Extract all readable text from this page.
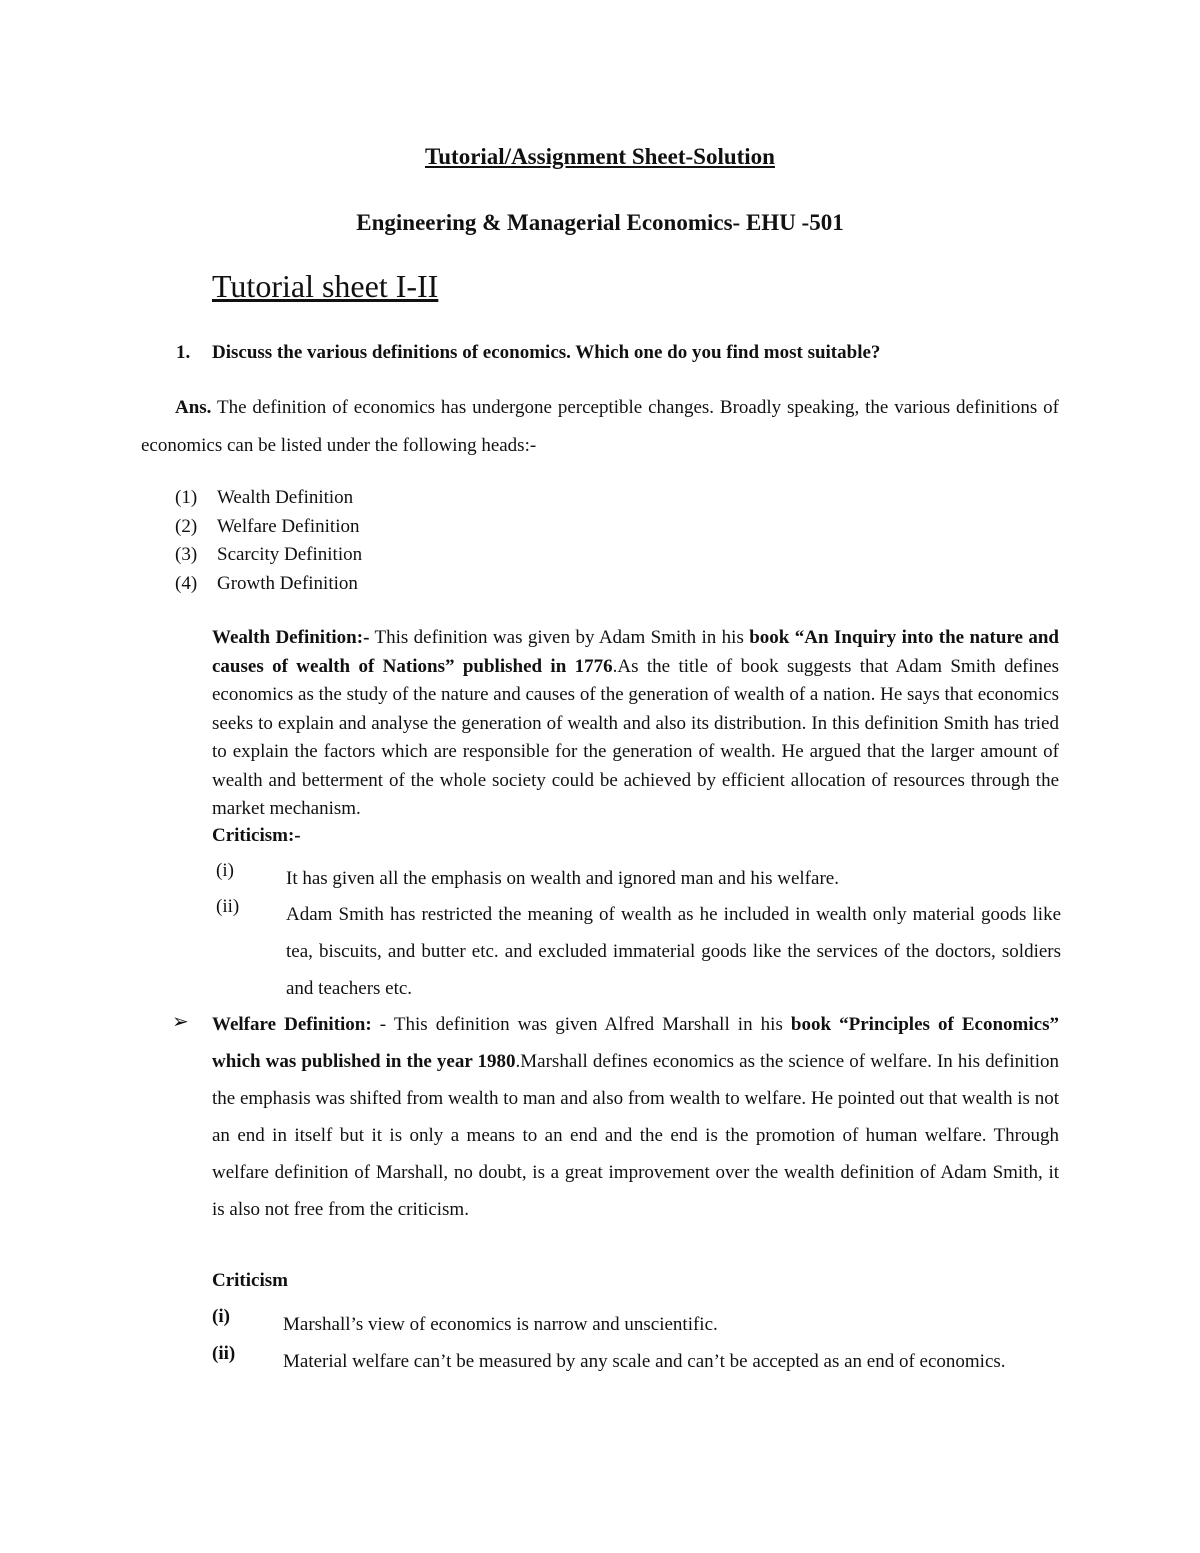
Tutorial/Assignment Sheet-Solution
Engineering & Managerial Economics- EHU -501
Tutorial sheet I-II
1. Discuss the various definitions of economics. Which one do you find most suitable?
Ans. The definition of economics has undergone perceptible changes. Broadly speaking, the various definitions of economics can be listed under the following heads:-
(1) Wealth Definition
(2) Welfare Definition
(3) Scarcity Definition
(4) Growth Definition
Wealth Definition:- This definition was given by Adam Smith in his book “An Inquiry into the nature and causes of wealth of Nations” published in 1776.As the title of book suggests that Adam Smith defines economics as the study of the nature and causes of the generation of wealth of a nation. He says that economics seeks to explain and analyse the generation of wealth and also its distribution. In this definition Smith has tried to explain the factors which are responsible for the generation of wealth. He argued that the larger amount of wealth and betterment of the whole society could be achieved by efficient allocation of resources through the market mechanism.
Criticism:-
(i)	It has given all the emphasis on wealth and ignored man and his welfare.
(ii) Adam Smith has restricted the meaning of wealth as he included in wealth only material goods like tea, biscuits, and butter etc. and excluded immaterial goods like the services of the doctors, soldiers and teachers etc.
➢ Welfare Definition: - This definition was given Alfred Marshall in his book “Principles of Economics” which was published in the year 1980.Marshall defines economics as the science of welfare. In his definition the emphasis was shifted from wealth to man and also from wealth to welfare. He pointed out that wealth is not an end in itself but it is only a means to an end and the end is the promotion of human welfare. Through welfare definition of Marshall, no doubt, is a great improvement over the wealth definition of Adam Smith, it is also not free from the criticism.
Criticism
(i)	Marshall’s view of economics is narrow and unscientific.
(ii)	Material welfare can’t be measured by any scale and can’t be accepted as an end of economics.
